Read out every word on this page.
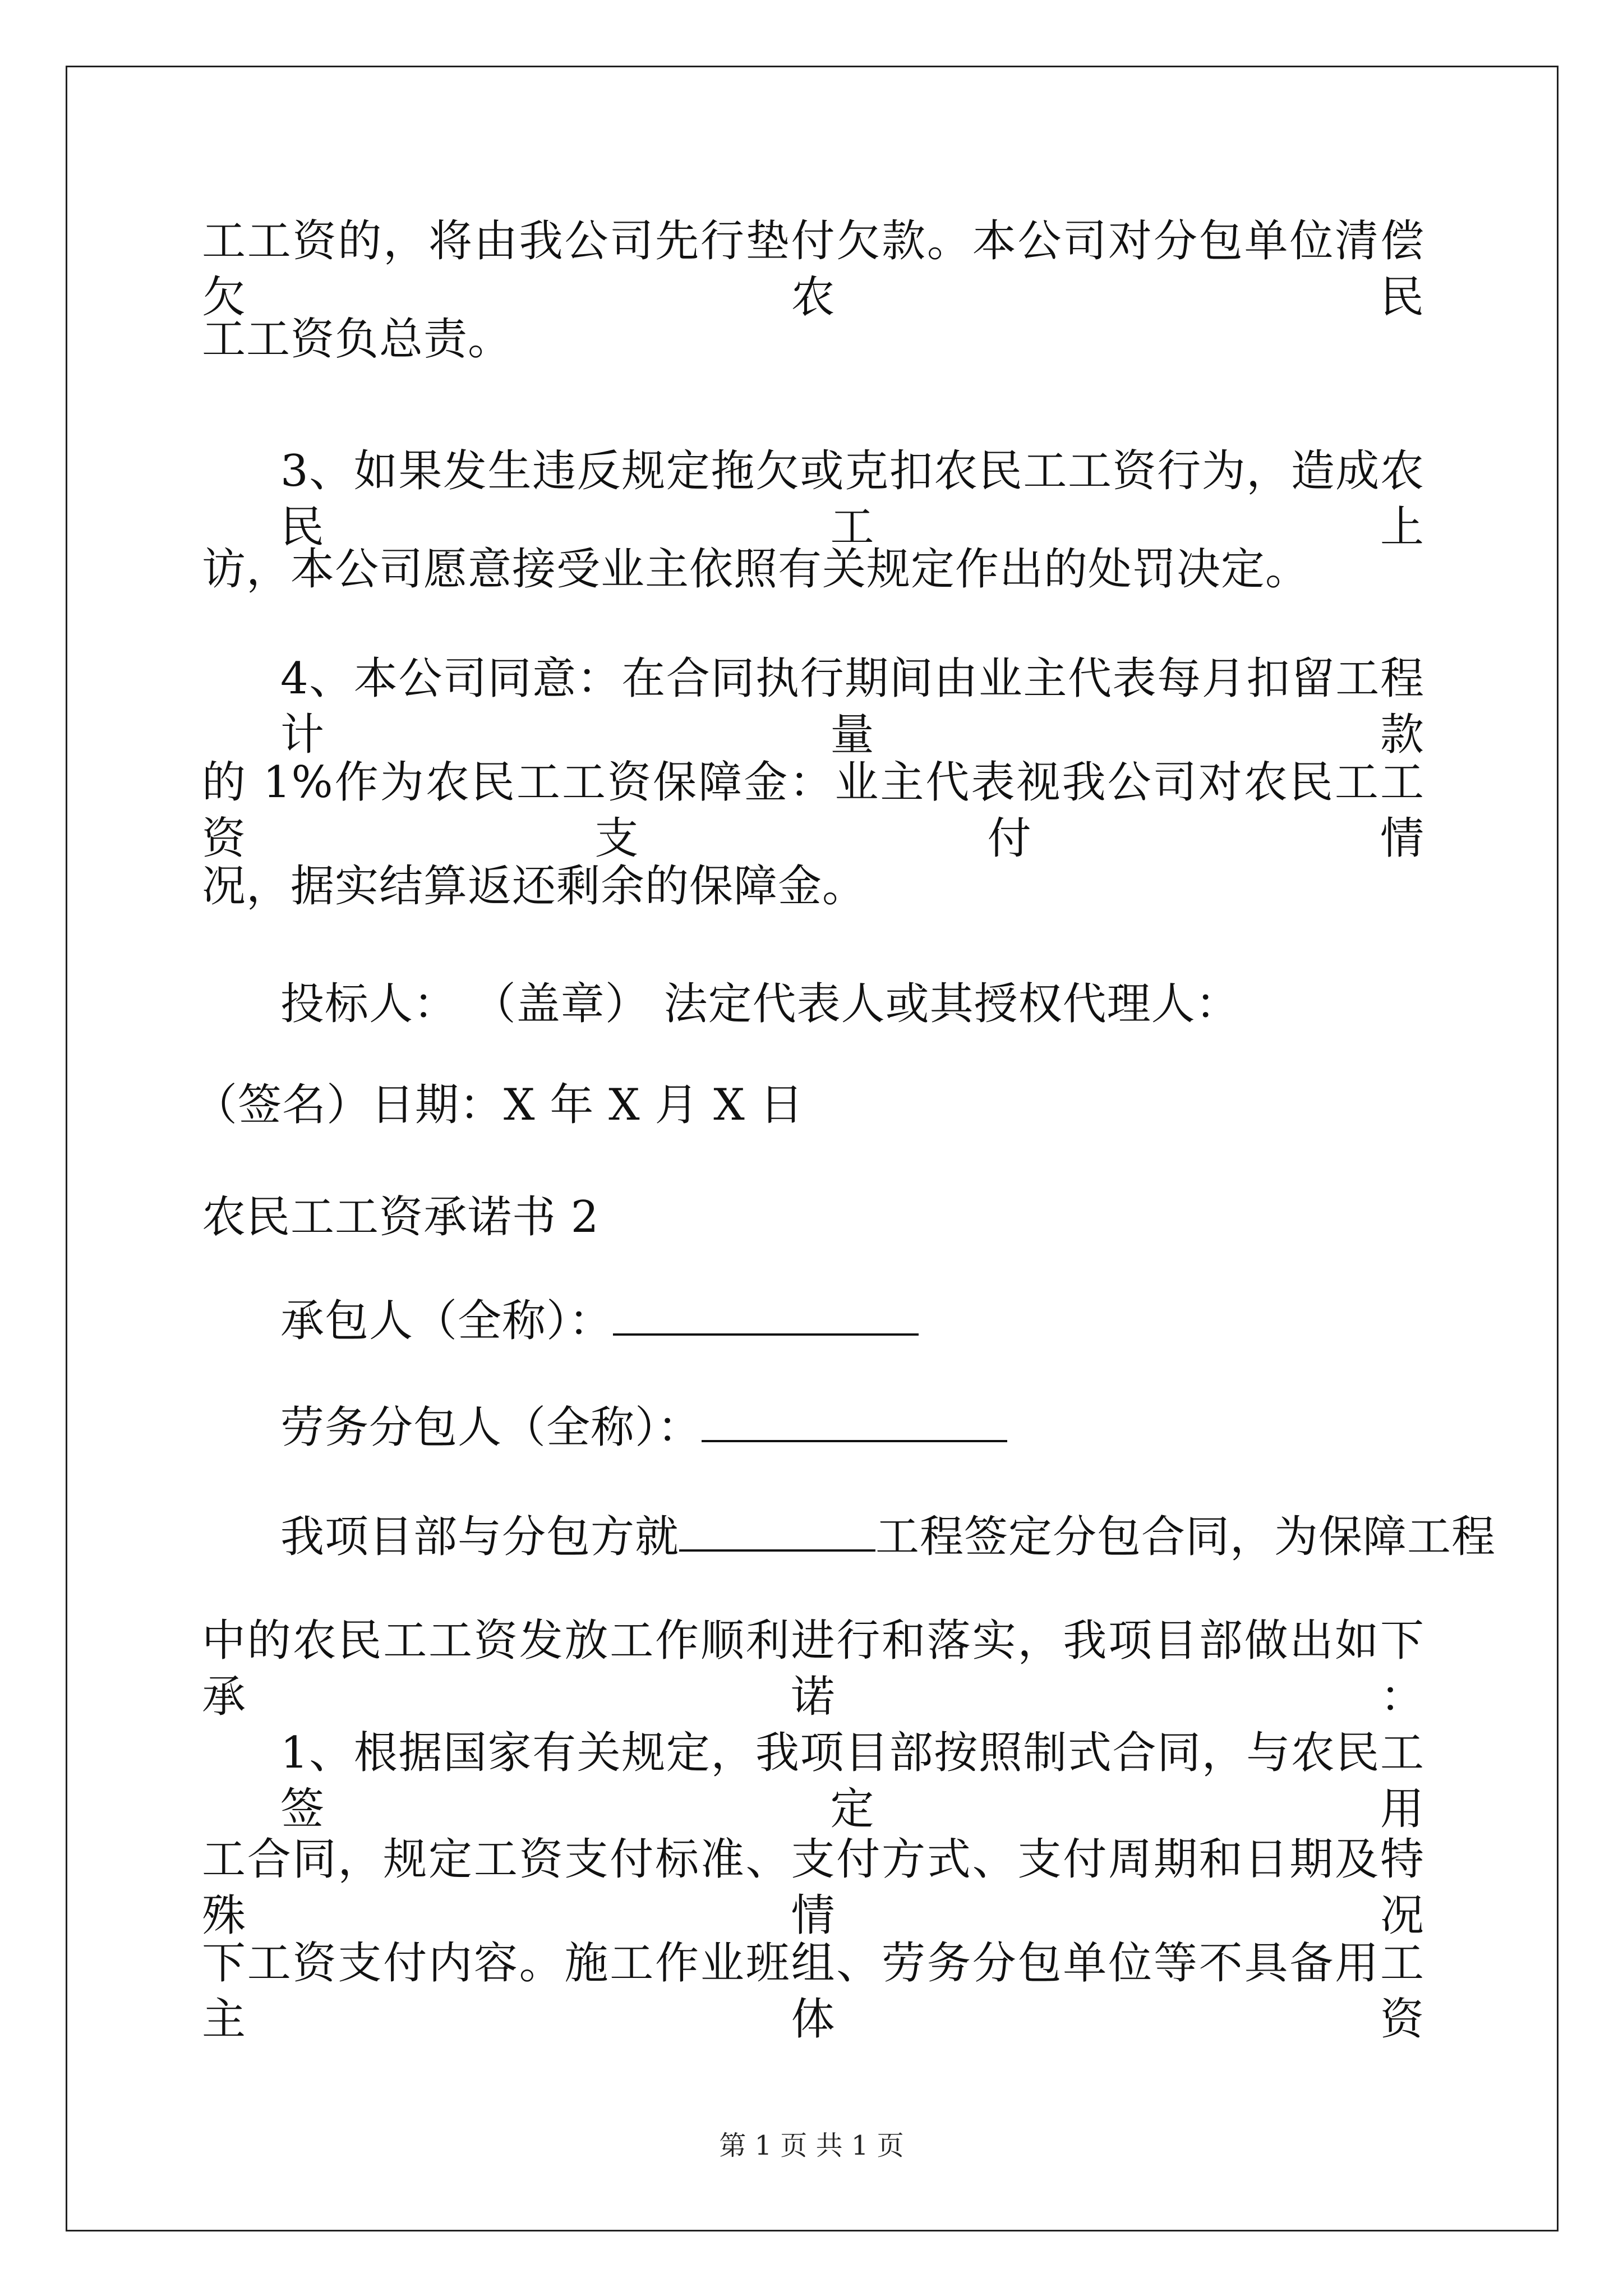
工工资的，将由我公司先行垫付欠款。本公司对分包单位清偿欠农民
工工资负总责。
3、如果发生违反规定拖欠或克扣农民工工资行为，造成农民工上
访，本公司愿意接受业主依照有关规定作出的处罚决定。
4、本公司同意：在合同执行期间由业主代表每月扣留工程计量款
的 1%作为农民工工资保障金：业主代表视我公司对农民工工资支付情
况，据实结算返还剩余的保障金。
投标人： （盖章） 法定代表人或其授权代理人：
（签名）日期：X 年 X 月 X 日
农民工工资承诺书 2
承包人（全称）：
劳务分包人（全称）：
我项目部与分包方就	工程签定分包合同，为保障工程
中的农民工工资发放工作顺利进行和落实，我项目部做出如下承诺：
1、根据国家有关规定，我项目部按照制式合同，与农民工签定用
工合同，规定工资支付标准、支付方式、支付周期和日期及特殊情况
下工资支付内容。施工作业班组、劳务分包单位等不具备用工主体资
第 1 页 共 1 页
